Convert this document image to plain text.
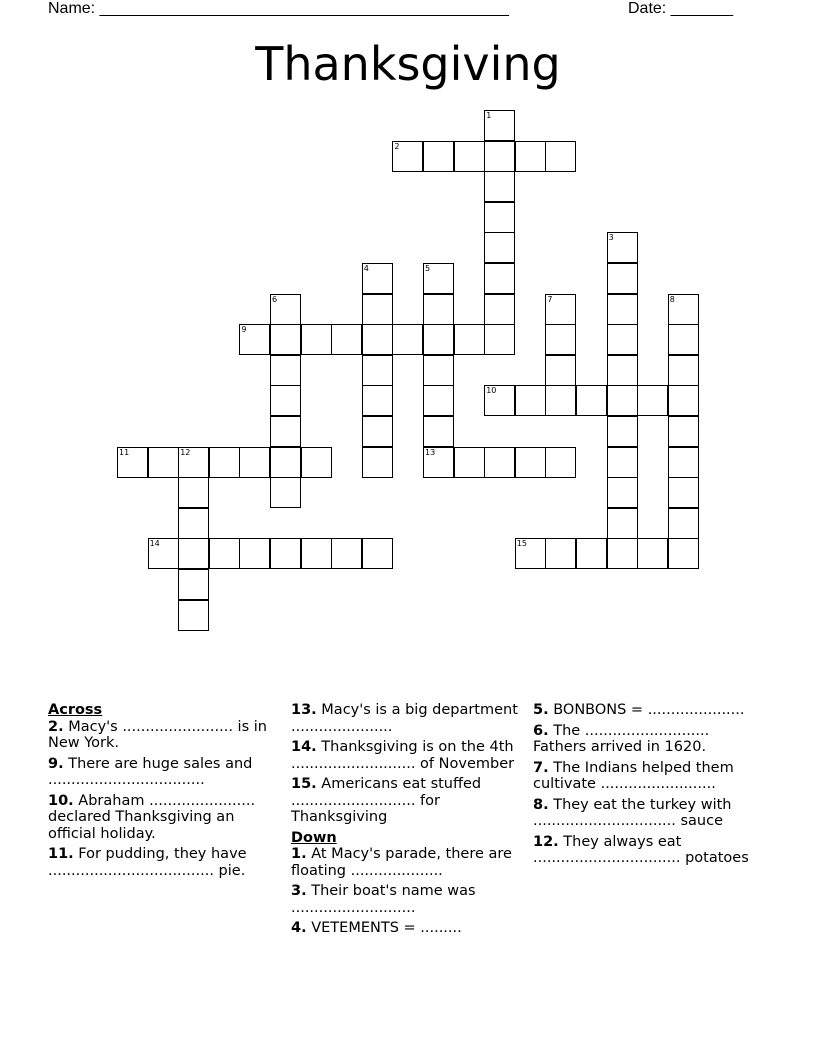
Name: ______________________________________________	Date: _______
Thanksgiving
1
2
3
4	5
13
6	7	8
9
10
11	12
14	15
Across
2. Macy's ........................ is in New York.
9. There are huge sales and ..................................
10. Abraham ....................... declared Thanksgiving an official holiday.
11. For pudding, they have .................................... pie.
13. Macy's is a big department ......................
14. Thanksgiving is on the 4th ........................... of November
15. Americans eat stuffed ........................... for Thanksgiving
Down
1. At Macy's parade, there are floating ....................
3. Their boat's name was ...........................
4. VETEMENTS = .........
5. BONBONS = .....................
6. The ........................... Fathers arrived in 1620.
7. The Indians helped them cultivate .........................
8. They eat the turkey with ............................... sauce
12. They always eat ................................ potatoes
